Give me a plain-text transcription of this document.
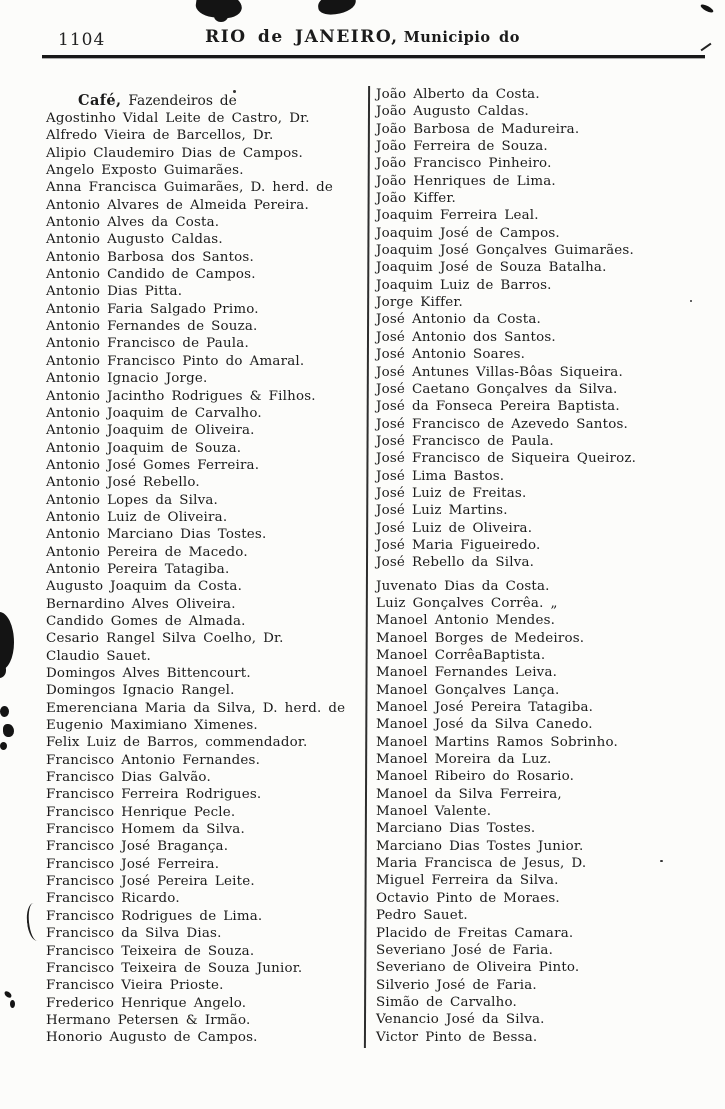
1104	RIO de JANEIRO, Municipio do
Café, Fazendeiros de
Agostinho Vidal Leite de Castro, Dr.
Alfredo Vieira de Barcellos, Dr.
Alipio Claudemiro Dias de Campos.
Angelo Exposto Guimarães.
Anna Francisca Guimarães, D. herd. de
Antonio Alvares de Almeida Pereira.
Antonio Alves da Costa.
Antonio Augusto Caldas.
Antonio Barbosa dos Santos.
Antonio Candido de Campos.
Antonio Dias Pitta.
Antonio Faria Salgado Primo.
Antonio Fernandes de Souza.
Antonio Francisco de Paula.
Antonio Francisco Pinto do Amaral.
Antonio Ignacio Jorge.
Antonio Jacintho Rodrigues & Filhos.
Antonio Joaquim de Carvalho.
Antonio Joaquim de Oliveira.
Antonio Joaquim de Souza.
Antonio José Gomes Ferreira.
Antonio José Rebello.
Antonio Lopes da Silva.
Antonio Luiz de Oliveira.
Antonio Marciano Dias Tostes.
Antonio Pereira de Macedo.
Antonio Pereira Tatagiba.
Augusto Joaquim da Costa.
Bernardino Alves Oliveira.
Candido Gomes de Almada.
Cesario Rangel Silva Coelho, Dr.
Claudio Sauet.
Domingos Alves Bittencourt.
Domingos Ignacio Rangel.
Emerenciana Maria da Silva, D. herd. de
Eugenio Maximiano Ximenes.
Felix Luiz de Barros, commendador.
Francisco Antonio Fernandes.
Francisco Dias Galvão.
Francisco Ferreira Rodrigues.
Francisco Henrique Pecle.
Francisco Homem da Silva.
Francisco José Bragança.
Francisco José Ferreira.
Francisco José Pereira Leite.
Francisco Ricardo.
Francisco Rodrigues de Lima.
Francisco da Silva Dias.
Francisco Teixeira de Souza.
Francisco Teixeira de Souza Junior.
Francisco Vieira Prioste.
Frederico Henrique Angelo.
Hermano Petersen & Irmão.
Honorio Augusto de Campos.
João Alberto da Costa.
João Augusto Caldas.
João Barbosa de Madureira.
João Ferreira de Souza.
João Francisco Pinheiro.
João Henriques de Lima.
João Kiffer.
Joaquim Ferreira Leal.
Joaquim José de Campos.
Joaquim José Gonçalves Guimarães.
Joaquim José de Souza Batalha.
Joaquim Luiz de Barros.
Jorge Kiffer.
José Antonio da Costa.
José Antonio dos Santos.
José Antonio Soares.
José Antunes Villas-Bôas Siqueira.
José Caetano Gonçalves da Silva.
José da Fonseca Pereira Baptista.
José Francisco de Azevedo Santos.
José Francisco de Paula.
José Francisco de Siqueira Queiroz.
José Lima Bastos.
José Luiz de Freitas.
José Luiz Martins.
José Luiz de Oliveira.
José Maria Figueiredo.
José Rebello da Silva.
Juvenato Dias da Costa.
Luiz Gonçalves Corrêa. „
Manoel Antonio Mendes.
Manoel Borges de Medeiros.
Manoel CorrêaBaptista.
Manoel Fernandes Leiva.
Manoel Gonçalves Lança.
Manoel José Pereira Tatagiba.
Manoel José da Silva Canedo.
Manoel Martins Ramos Sobrinho.
Manoel Moreira da Luz.
Manoel Ribeiro do Rosario.
Manoel da Silva Ferreira,
Manoel Valente.
Marciano Dias Tostes.
Marciano Dias Tostes Junior.
Maria Francisca de Jesus, D.
Miguel Ferreira da Silva.
Octavio Pinto de Moraes.
Pedro Sauet.
Placido de Freitas Camara.
Severiano José de Faria.
Severiano de Oliveira Pinto.
Silverio José de Faria.
Simão de Carvalho.
Venancio José da Silva.
Victor Pinto de Bessa.
